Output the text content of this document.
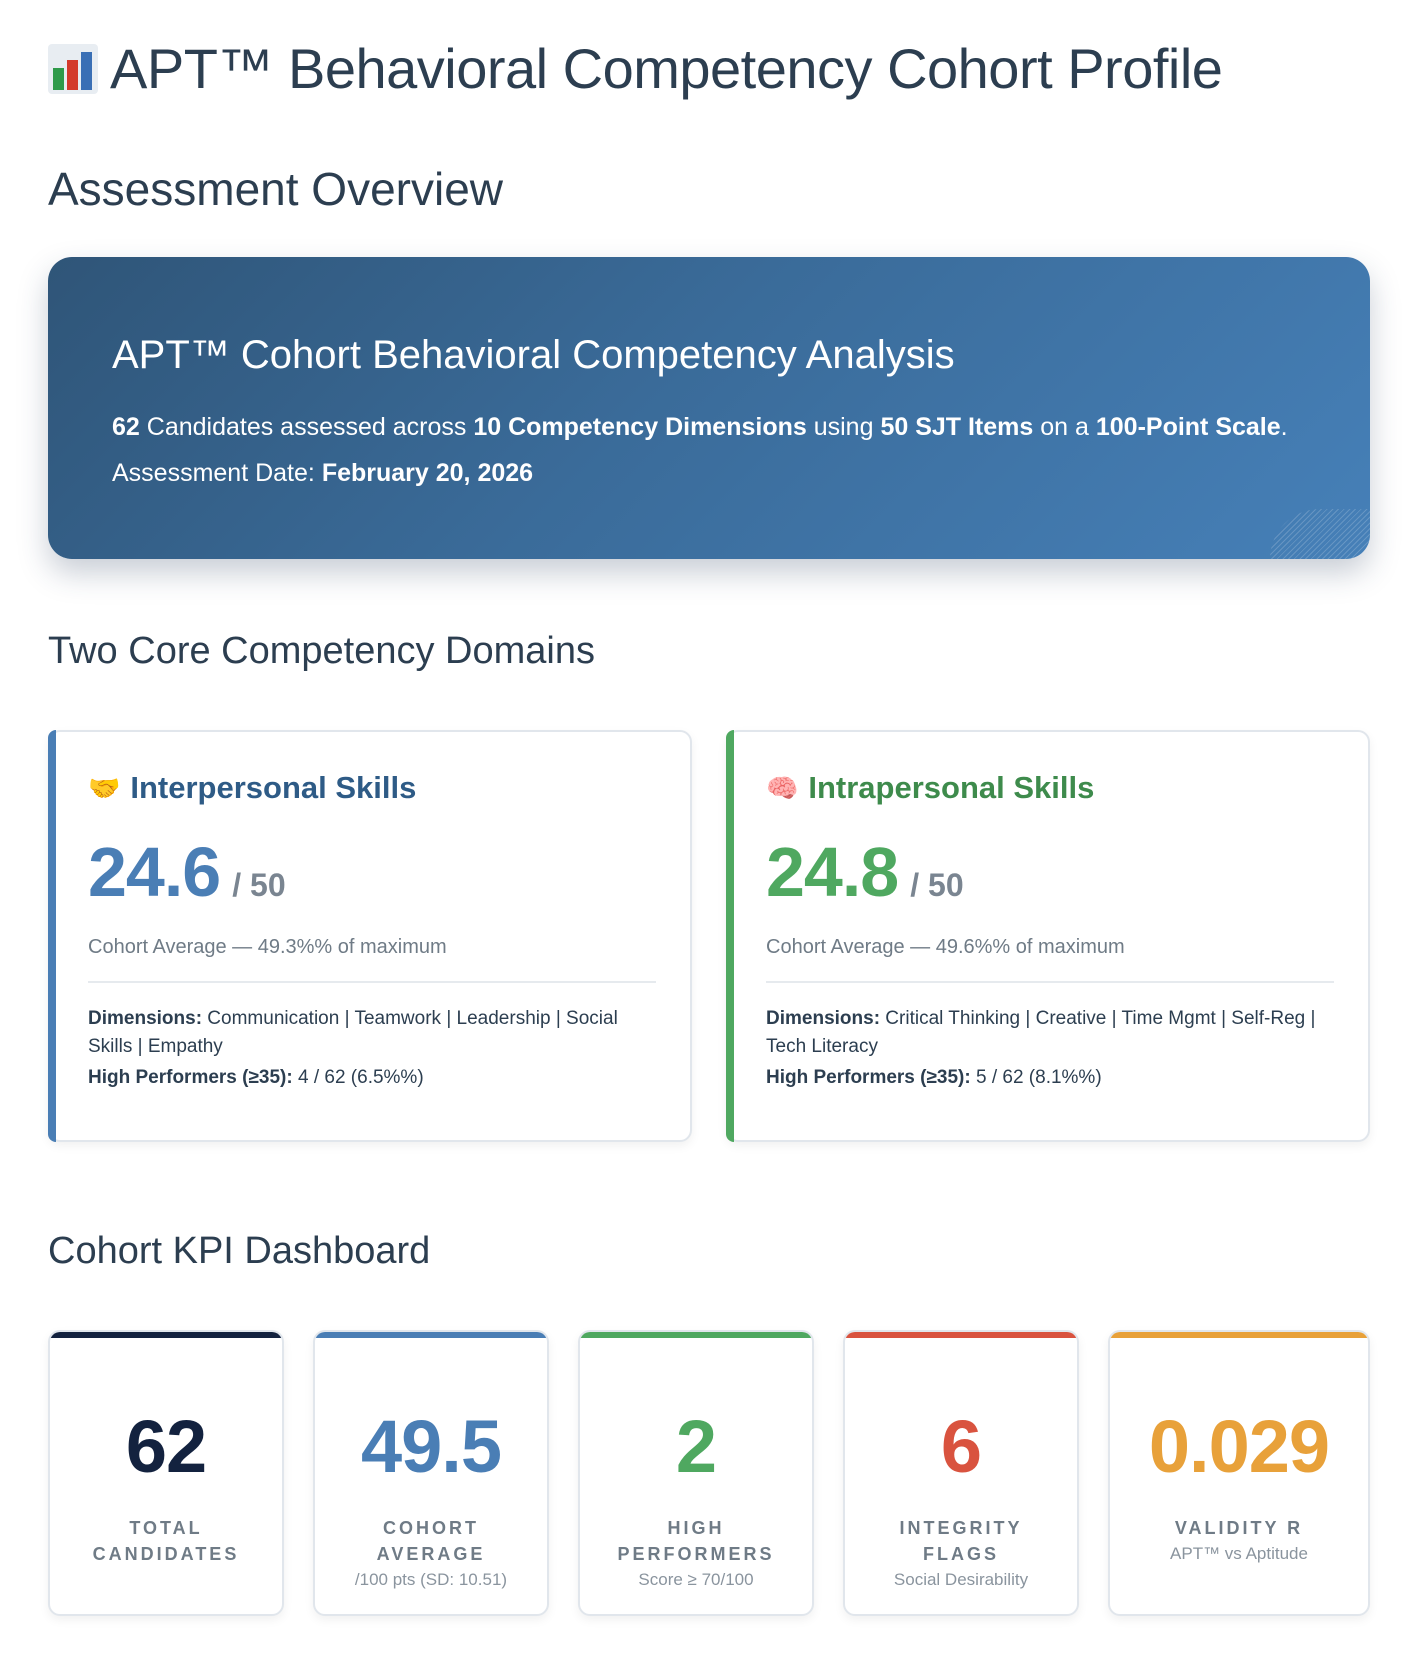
APT™ Behavioral Competency Cohort Profile
Assessment Overview
APT™ Cohort Behavioral Competency Analysis

62 Candidates assessed across 10 Competency Dimensions using 50 SJT Items on a 100-Point Scale.

Assessment Date: February 20, 2026

Two Core Competency Domains
🤝 Interpersonal Skills
24.6 / 50
Cohort Average — 49.3%% of maximum
Dimensions: Communication | Teamwork | Leadership | Social Skills | Empathy
High Performers (≥35): 4 / 62 (6.5%%)
🧠 Intrapersonal Skills
24.8 / 50
Cohort Average — 49.6%% of maximum
Dimensions: Critical Thinking | Creative | Time Mgmt | Self-Reg | Tech Literacy
High Performers (≥35): 5 / 62 (8.1%%)
Cohort KPI Dashboard
62
TOTAL
CANDIDATES
49.5
COHORT
AVERAGE
/100 pts (SD: 10.51)
2
HIGH
PERFORMERS
Score ≥ 70/100
6
INTEGRITY
FLAGS
Social Desirability
0.029
VALIDITY R
APT™ vs Aptitude
